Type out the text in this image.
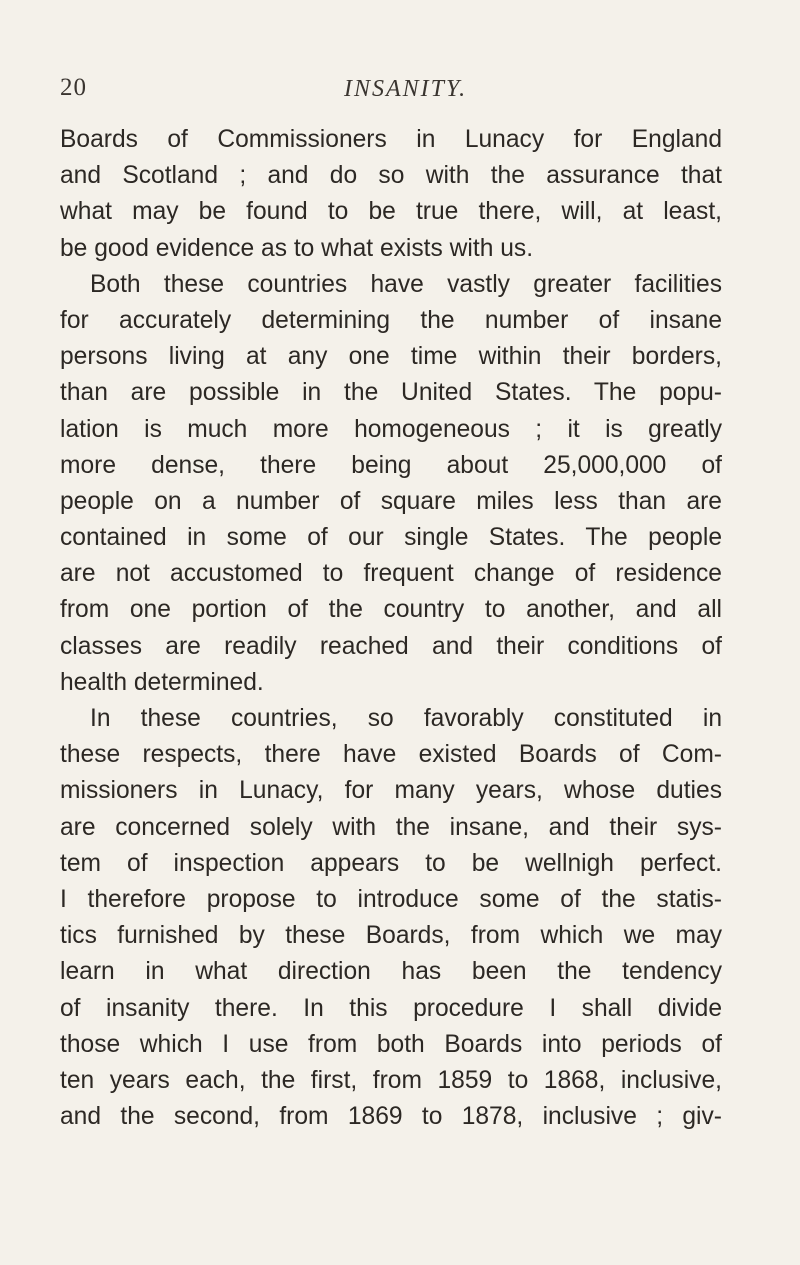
20	INSANITY.
Boards of Commissioners in Lunacy for England
and Scotland ; and do so with the assurance that
what may be found to be true there, will, at least,
be good evidence as to what exists with us.
Both these countries have vastly greater facilities
for accurately determining the number of insane
persons living at any one time within their borders,
than are possible in the United States. The popu-
lation is much more homogeneous ; it is greatly
more dense, there being about 25,000,000 of
people on a number of square miles less than are
contained in some of our single States. The people
are not accustomed to frequent change of residence
from one portion of the country to another, and all
classes are readily reached and their conditions of
health determined.
In these countries, so favorably constituted in
these respects, there have existed Boards of Com-
missioners in Lunacy, for many years, whose duties
are concerned solely with the insane, and their sys-
tem of inspection appears to be wellnigh perfect.
I therefore propose to introduce some of the statis-
tics furnished by these Boards, from which we may
learn in what direction has been the tendency
of insanity there. In this procedure I shall divide
those which I use from both Boards into periods of
ten years each, the first, from 1859 to 1868, inclusive,
and the second, from 1869 to 1878, inclusive ; giv-
